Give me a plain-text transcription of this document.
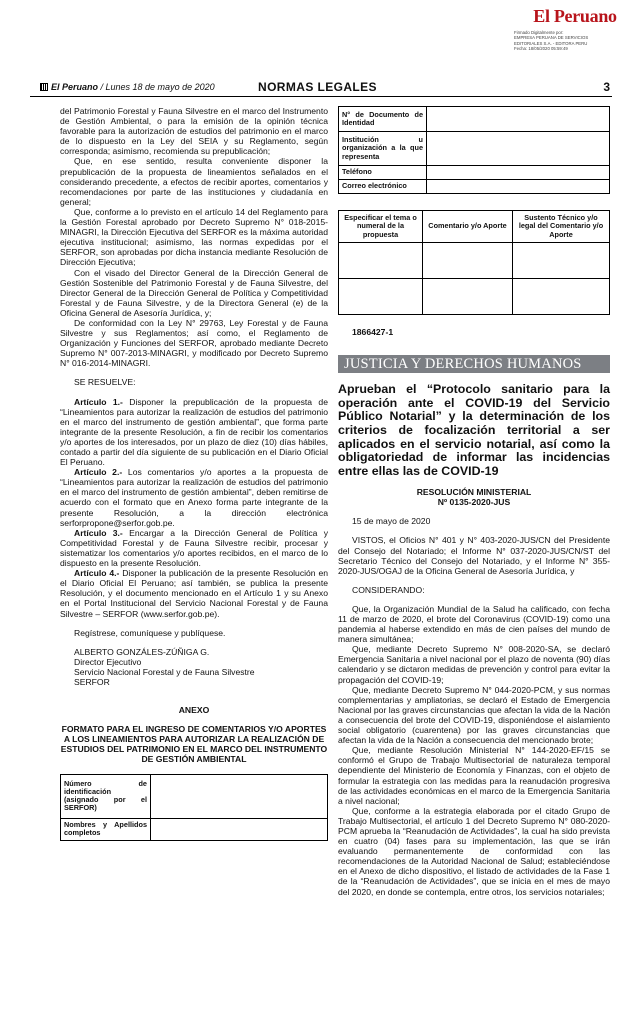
El Peruano
Firmado Digitalmente por:
EMPRESA PERUANA DE SERVICIOS
EDITORIALES S.A. - EDITORA PERU
Fecha: 18/05/2020 05:59:49
El Peruano / Lunes 18 de mayo de 2020	NORMAS LEGALES	3

del Patrimonio Forestal y Fauna Silvestre en el marco del Instrumento de Gestión Ambiental, o para la emisión de la opinión técnica favorable para la autorización de estudios del patrimonio en el marco de lo dispuesto en la Ley del SEIA y su Reglamento, según corresponda; asimismo, recomienda su prepublicación;

Que, en ese sentido, resulta conveniente disponer la prepublicación de la propuesta de lineamientos señalados en el considerando precedente, a efectos de recibir aportes, comentarios y recomendaciones por parte de las instituciones y ciudadanía en general;

Que, conforme a lo previsto en el artículo 14 del Reglamento para la Gestión Forestal aprobado por Decreto Supremo N° 018-2015-MINAGRI, la Dirección Ejecutiva del SERFOR es la máxima autoridad ejecutiva institucional; asimismo, las normas expedidas por el SERFOR, son aprobadas por dicha instancia mediante Resolución de Dirección Ejecutiva;

Con el visado del Director General de la Dirección General de Gestión Sostenible del Patrimonio Forestal y de Fauna Silvestre, del Director General de la Dirección General de Política y Competitividad Forestal y de Fauna Silvestre, y de la Directora General (e) de la Oficina General de Asesoría Jurídica, y;

De conformidad con la Ley N° 29763, Ley Forestal y de Fauna Silvestre y sus Reglamentos; así como, el Reglamento de Organización y Funciones del SERFOR, aprobado mediante Decreto Supremo N° 007-2013-MINAGRI, y modificado por Decreto Supremo N° 016-2014-MINAGRI.

SE RESUELVE:

Artículo 1.- Disponer la prepublicación de la propuesta de “Lineamientos para autorizar la realización de estudios del patrimonio en el marco del instrumento de gestión ambiental”, que forma parte integrante de la presente Resolución, a fin de recibir los comentarios y/o aportes de los interesados, por un plazo de diez (10) días hábiles, contado a partir del día siguiente de su publicación en el Diario Oficial El Peruano.

Artículo 2.- Los comentarios y/o aportes a la propuesta de “Lineamientos para autorizar la realización de estudios del patrimonio en el marco del instrumento de gestión ambiental”, deben remitirse de acuerdo con el formato que en Anexo forma parte integrante de la presente Resolución, a la dirección electrónica serforpropone@serfor.gob.pe.

Artículo 3.- Encargar a la Dirección General de Política y Competitividad Forestal y de Fauna Silvestre recibir, procesar y sistematizar los comentarios y/o aportes recibidos, en el marco de lo dispuesto en la presente Resolución.

Artículo 4.- Disponer la publicación de la presente Resolución en el Diario Oficial El Peruano; así también, se publica la presente Resolución, y el documento mencionado en el Artículo 1 y su Anexo en el Portal Institucional del Servicio Nacional Forestal y de Fauna Silvestre – SERFOR (www.serfor.gob.pe).

Regístrese, comuníquese y publíquese.

ALBERTO GONZÁLES-ZÚÑIGA G.

Director Ejecutivo

Servicio Nacional Forestal y de Fauna Silvestre

SERFOR

ANEXO

FORMATO PARA EL INGRESO DE COMENTARIOS Y/O APORTES A LOS LINEAMIENTOS PARA AUTORIZAR LA REALIZACIÓN DE ESTUDIOS DEL PATRIMONIO EN EL MARCO DEL INSTRUMENTO DE GESTIÓN AMBIENTAL

Número de identificación (asignado por el SERFOR)	
Nombres y Apellidos completos	
N° de Documento de Identidad	
Institución u organización a la que representa	
Teléfono	
Correo electrónico	
Especificar el tema o numeral de la propuesta	Comentario y/o Aporte	Sustento Técnico y/o legal del Comentario y/o Aporte

1866427-1

JUSTICIA Y DERECHOS HUMANOS

Aprueban el “Protocolo sanitario para la operación ante el COVID-19 del Servicio Público Notarial” y la determinación de los criterios de focalización territorial a ser aplicados en el servicio notarial, así como la obligatoriedad de informar las incidencias entre ellas las de COVID-19

RESOLUCIÓN MINISTERIAL

Nº 0135-2020-JUS

15 de mayo de 2020

VISTOS, el Oficios N° 401 y N° 403-2020-JUS/CN del Presidente del Consejo del Notariado; el Informe N° 037-2020-JUS/CN/ST del Secretario Técnico del Consejo del Notariado, y el Informe N° 355-2020-JUS/OGAJ de la Oficina General de Asesoría Jurídica, y

CONSIDERANDO:

Que, la Organización Mundial de la Salud ha calificado, con fecha 11 de marzo de 2020, el brote del Coronavirus (COVID-19) como una pandemia al haberse extendido en más de cien países del mundo de manera simultánea;

Que, mediante Decreto Supremo N° 008-2020-SA, se declaró Emergencia Sanitaria a nivel nacional por el plazo de noventa (90) días calendario y se dictaron medidas de prevención y control para evitar la propagación del COVID-19;

Que, mediante Decreto Supremo N° 044-2020-PCM, y sus normas complementarias y ampliatorias, se declaró el Estado de Emergencia Nacional por las graves circunstancias que afectan la vida de la Nación a consecuencia del brote del COVID-19, disponiéndose el aislamiento social obligatorio (cuarentena) por las graves circunstancias que afectan la vida de la Nación a consecuencia del mencionado brote;

Que, mediante Resolución Ministerial N° 144-2020-EF/15 se conformó el Grupo de Trabajo Multisectorial de naturaleza temporal dependiente del Ministerio de Economía y Finanzas, con el objeto de formular la estrategia con las medidas para la reanudación progresiva de las actividades económicas en el marco de la Emergencia Sanitaria a nivel nacional;

Que, conforme a la estrategia elaborada por el citado Grupo de Trabajo Multisectorial, el artículo 1 del Decreto Supremo N° 080-2020-PCM aprueba la “Reanudación de Actividades”, la cual ha sido prevista en cuatro (04) fases para su implementación, las que se irán evaluando permanentemente de conformidad con las recomendaciones de la Autoridad Nacional de Salud; estableciéndose en el Anexo de dicho dispositivo, el listado de actividades de la Fase 1 de la “Reanudación de Actividades”, que se inicia en el mes de mayo del 2020, en donde se contempla, entre otros, los servicios notariales;
